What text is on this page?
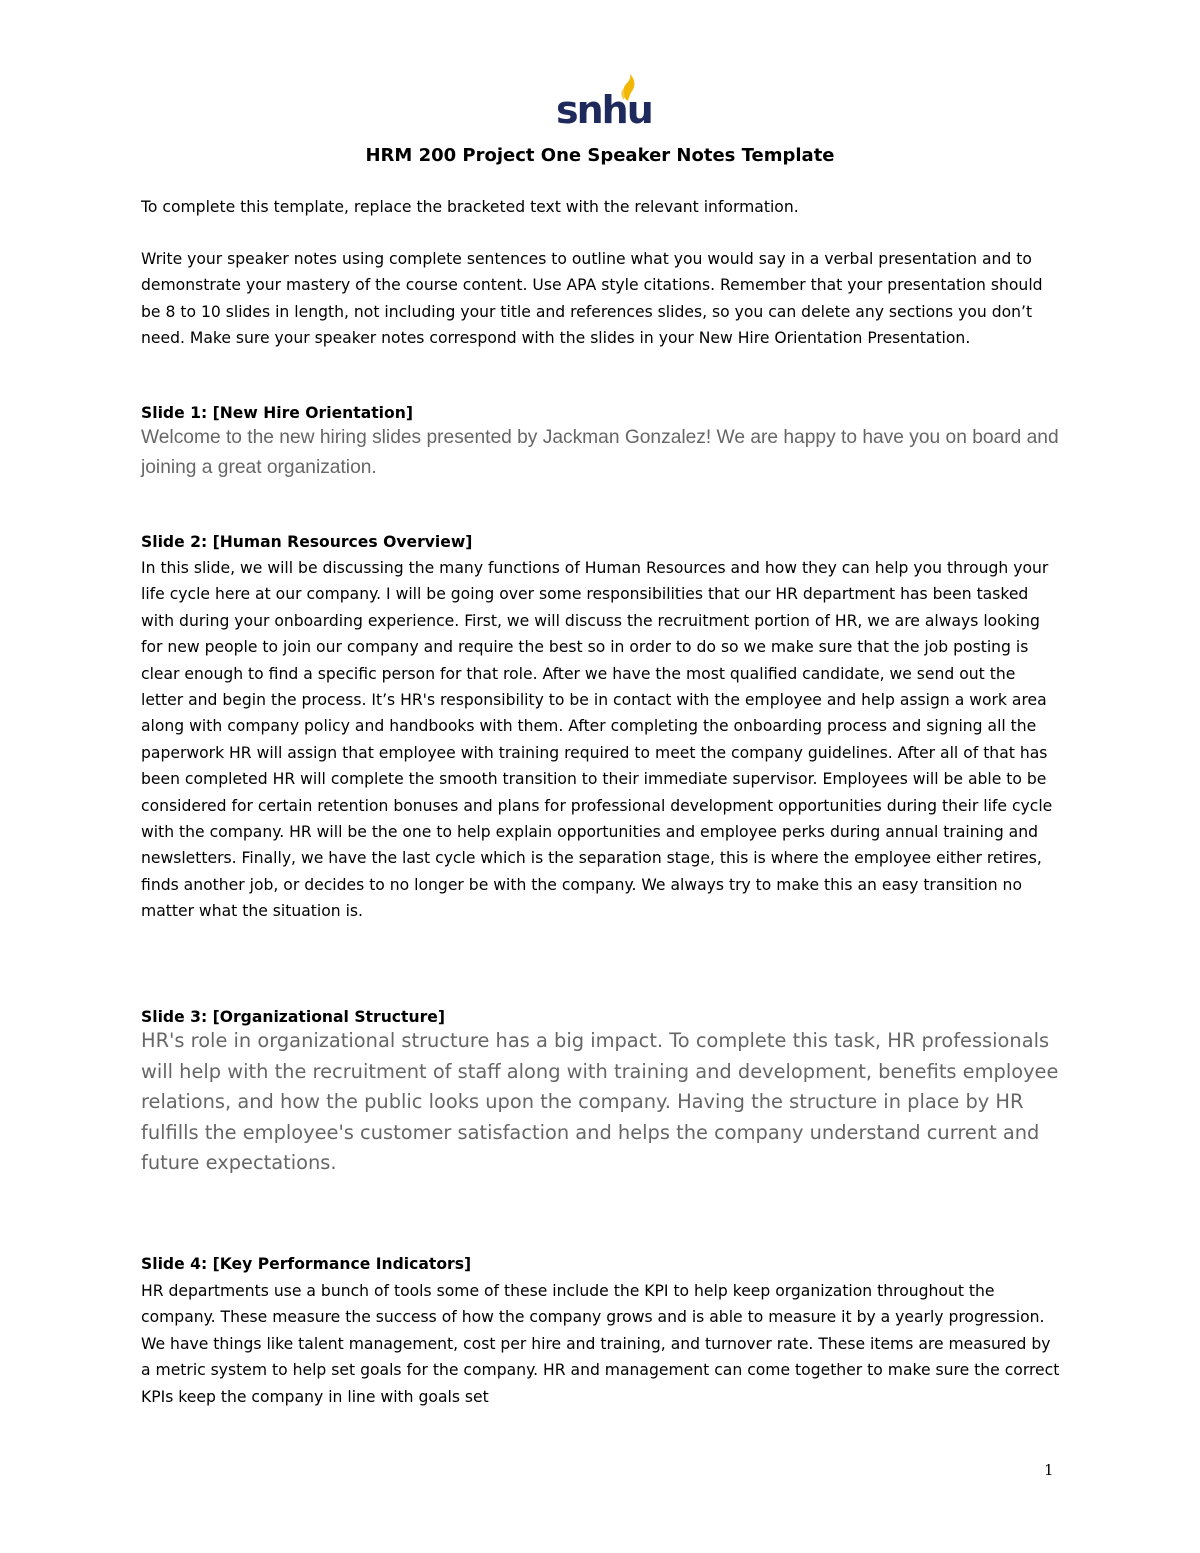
snhu
HRM 200 Project One Speaker Notes Template

To complete this template, replace the bracketed text with the relevant information.

Write your speaker notes using complete sentences to outline what you would say in a verbal presentation and to demonstrate your mastery of the course content. Use APA style citations. Remember that your presentation should be 8 to 10 slides in length, not including your title and references slides, so you can delete any sections you don’t need. Make sure your speaker notes correspond with the slides in your New Hire Orientation Presentation.

Slide 1: [New Hire Orientation]

Welcome to the new hiring slides presented by Jackman Gonzalez! We are happy to have you on board and joining a great organization.

Slide 2: [Human Resources Overview]

In this slide, we will be discussing the many functions of Human Resources and how they can help you through your life cycle here at our company. I will be going over some responsibilities that our HR department has been tasked with during your onboarding experience. First, we will discuss the recruitment portion of HR, we are always looking for new people to join our company and require the best so in order to do so we make sure that the job posting is clear enough to find a specific person for that role. After we have the most qualified candidate, we send out the letter and begin the process. It’s HR's responsibility to be in contact with the employee and help assign a work area along with company policy and handbooks with them. After completing the onboarding process and signing all the paperwork HR will assign that employee with training required to meet the company guidelines. After all of that has been completed HR will complete the smooth transition to their immediate supervisor. Employees will be able to be considered for certain retention bonuses and plans for professional development opportunities during their life cycle with the company. HR will be the one to help explain opportunities and employee perks during annual training and newsletters. Finally, we have the last cycle which is the separation stage, this is where the employee either retires, finds another job, or decides to no longer be with the company. We always try to make this an easy transition no matter what the situation is.

Slide 3: [Organizational Structure]

HR's role in organizational structure has a big impact. To complete this task, HR professionals will help with the recruitment of staff along with training and development, benefits employee relations, and how the public looks upon the company. Having the structure in place by HR fulfills the employee's customer satisfaction and helps the company understand current and future expectations.

Slide 4: [Key Performance Indicators]

HR departments use a bunch of tools some of these include the KPI to help keep organization throughout the company. These measure the success of how the company grows and is able to measure it by a yearly progression. We have things like talent management, cost per hire and training, and turnover rate. These items are measured by a metric system to help set goals for the company. HR and management can come together to make sure the correct KPIs keep the company in line with goals set

1
